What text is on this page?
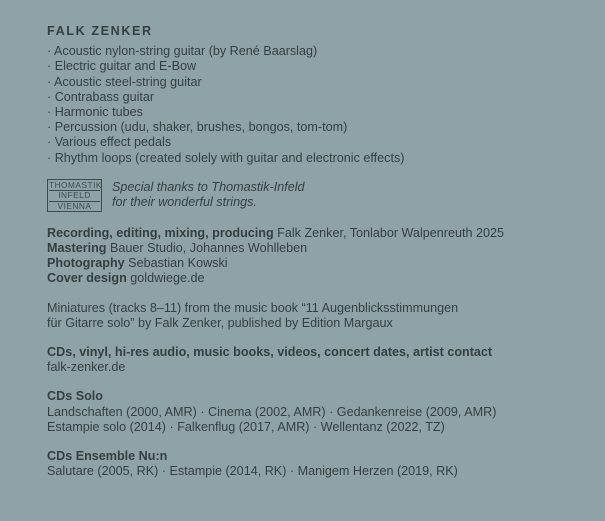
FALK ZENKER
· Acoustic nylon-string guitar (by René Baarslag)
· Electric guitar and E-Bow
· Acoustic steel-string guitar
· Contrabass guitar
· Harmonic tubes
· Percussion (udu, shaker, brushes, bongos, tom-tom)
· Various effect pedals
· Rhythm loops (created solely with guitar and electronic effects)
THOMASTIK
INFELD
VIENNA
Special thanks to Thomastik-Infeld
for their wonderful strings.
Recording, editing, mixing, producing Falk Zenker, Tonlabor Walpenreuth 2025
Mastering Bauer Studio, Johannes Wohlleben
Photography Sebastian Kowski
Cover design goldwiege.de
Miniatures (tracks 8–11) from the music book “11 Augenblicksstimmungen
für Gitarre solo” by Falk Zenker, published by Edition Margaux
CDs, vinyl, hi-res audio, music books, videos, concert dates, artist contact
falk-zenker.de
CDs Solo
Landschaften (2000, AMR) · Cinema (2002, AMR) · Gedankenreise (2009, AMR)
Estampie solo (2014) · Falkenflug (2017, AMR) · Wellentanz (2022, TZ)
CDs Ensemble Nu:n
Salutare (2005, RK) · Estampie (2014, RK) · Manigem Herzen (2019, RK)
